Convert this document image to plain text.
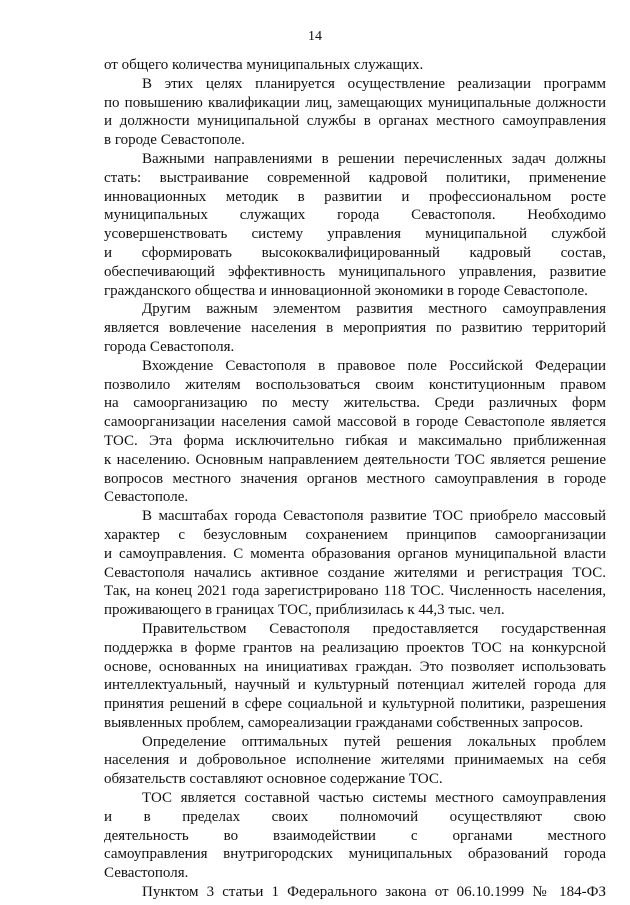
14
от общего количества муниципальных служащих.
В этих целях планируется осуществление реализации программ
по повышению квалификации лиц, замещающих муниципальные должности
и должности муниципальной службы в органах местного самоуправления
в городе Севастополе.
Важными направлениями в решении перечисленных задач должны
стать: выстраивание современной кадровой политики, применение
инновационных методик в развитии и профессиональном росте
муниципальных служащих города Севастополя. Необходимо
усовершенствовать систему управления муниципальной службой
и сформировать высококвалифицированный кадровый состав,
обеспечивающий эффективность муниципального управления, развитие
гражданского общества и инновационной экономики в городе Севастополе.
Другим важным элементом развития местного самоуправления
является вовлечение населения в мероприятия по развитию территорий
города Севастополя.
Вхождение Севастополя в правовое поле Российской Федерации
позволило жителям воспользоваться своим конституционным правом
на самоорганизацию по месту жительства. Среди различных форм
самоорганизации населения самой массовой в городе Севастополе является
ТОС. Эта форма исключительно гибкая и максимально приближенная
к населению. Основным направлением деятельности ТОС является решение
вопросов местного значения органов местного самоуправления в городе
Севастополе.
В масштабах города Севастополя развитие ТОС приобрело массовый
характер с безусловным сохранением принципов самоорганизации
и самоуправления. С момента образования органов муниципальной власти
Севастополя начались активное создание жителями и регистрация ТОС.
Так, на конец 2021 года зарегистрировано 118 ТОС. Численность населения,
проживающего в границах ТОС, приблизилась к 44,3 тыс. чел.
Правительством Севастополя предоставляется государственная
поддержка в форме грантов на реализацию проектов ТОС на конкурсной
основе, основанных на инициативах граждан. Это позволяет использовать
интеллектуальный, научный и культурный потенциал жителей города для
принятия решений в сфере социальной и культурной политики, разрешения
выявленных проблем, самореализации гражданами собственных запросов.
Определение оптимальных путей решения локальных проблем
населения и добровольное исполнение жителями принимаемых на себя
обязательств составляют основное содержание ТОС.
ТОС является составной частью системы местного самоуправления
и в пределах своих полномочий осуществляют свою
деятельность во взаимодействии с органами местного
самоуправления внутригородских муниципальных образований города
Севастополя.
Пунктом 3 статьи 1 Федерального закона от 06.10.1999 № 184-ФЗ
